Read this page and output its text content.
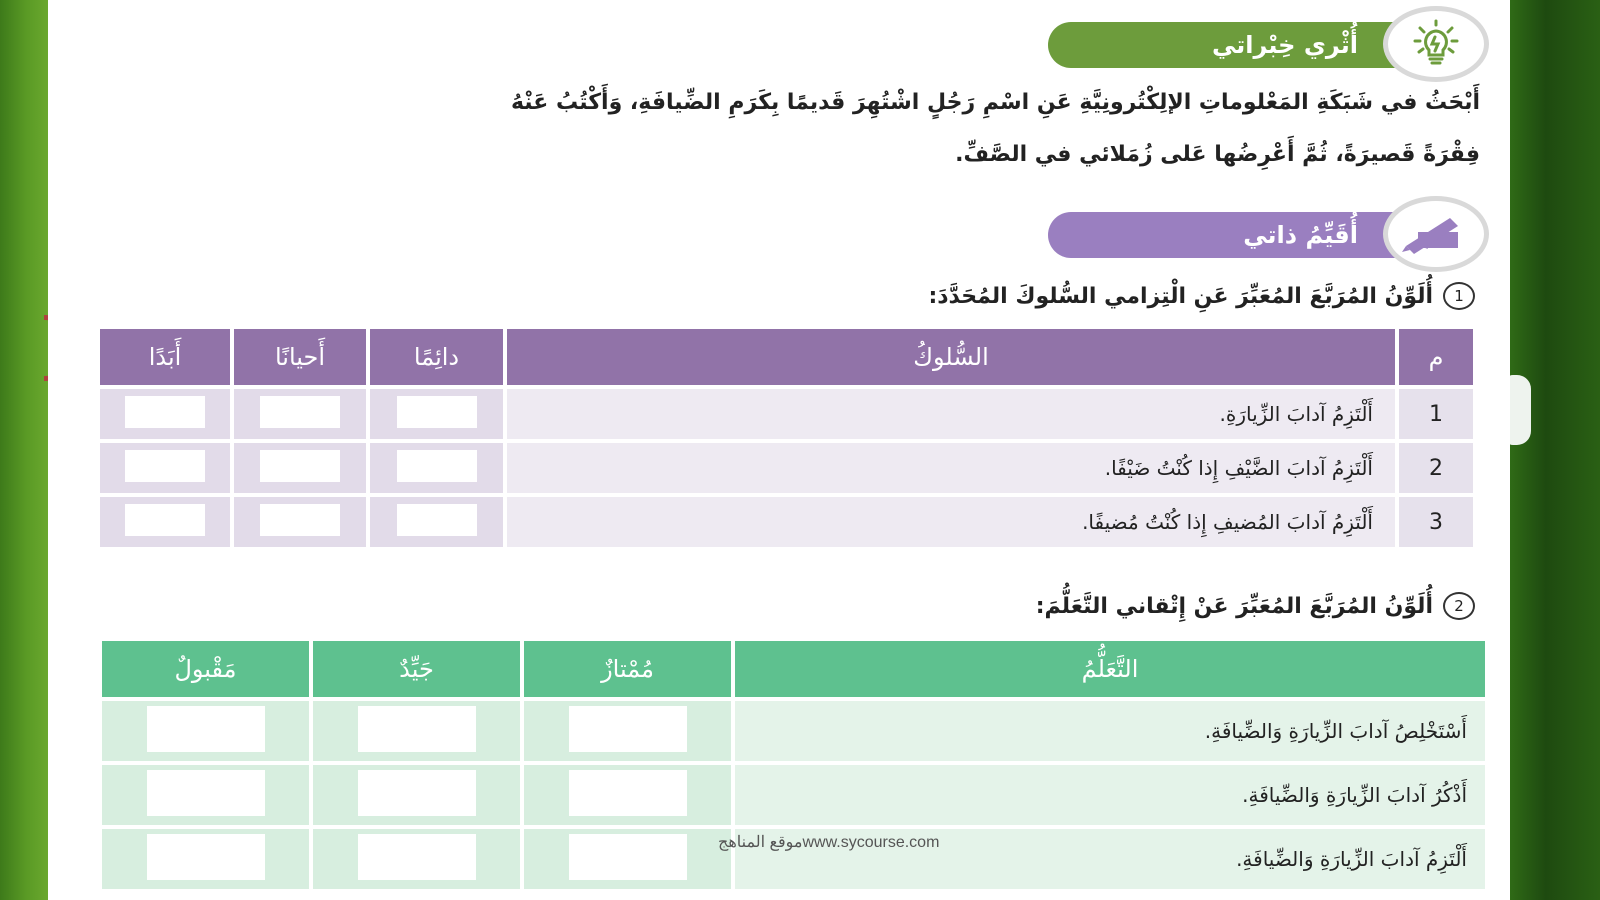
أُثْري خِبْراتي
أَبْحَثُ في شَبَكَةِ المَعْلوماتِ الإلِكْتُرونِيَّةِ عَنِ اسْمِ رَجُلٍ اشْتُهِرَ قَديمًا بِكَرَمِ الضِّيافَةِ، وَأَكْتُبُ عَنْهُ
فِقْرَةً قَصيرَةً، ثُمَّ أَعْرِضُها عَلى زُمَلائي في الصَّفِّ.
أُقَيِّمُ ذاتي
1
أُلَوِّنُ المُرَبَّعَ المُعَبِّرَ عَنِ الْتِزامي السُّلوكَ المُحَدَّدَ:
م	السُّلوكُ	دائِمًا	أَحيانًا	أَبَدًا
1	أَلْتَزِمُ آدابَ الزِّيارَةِ.			
2	أَلْتَزِمُ آدابَ الضَّيْفِ إِذا كُنْتُ ضَيْفًا.			
3	أَلْتَزِمُ آدابَ المُضيفِ إِذا كُنْتُ مُضيفًا.			
2
أُلَوِّنُ المُرَبَّعَ المُعَبِّرَ عَنْ إِتْقاني التَّعَلُّمَ:
التَّعَلُّمُ	مُمْتازٌ	جَيِّدٌ	مَقْبولٌ
أَسْتَخْلِصُ آدابَ الزِّيارَةِ وَالضِّيافَةِ.			
أَذْكُرُ آدابَ الزِّيارَةِ وَالضِّيافَةِ.			
أَلْتَزِمُ آدابَ الزِّيارَةِ وَالضِّيافَةِ.			
موقع المناهجwww.sycourse.com
